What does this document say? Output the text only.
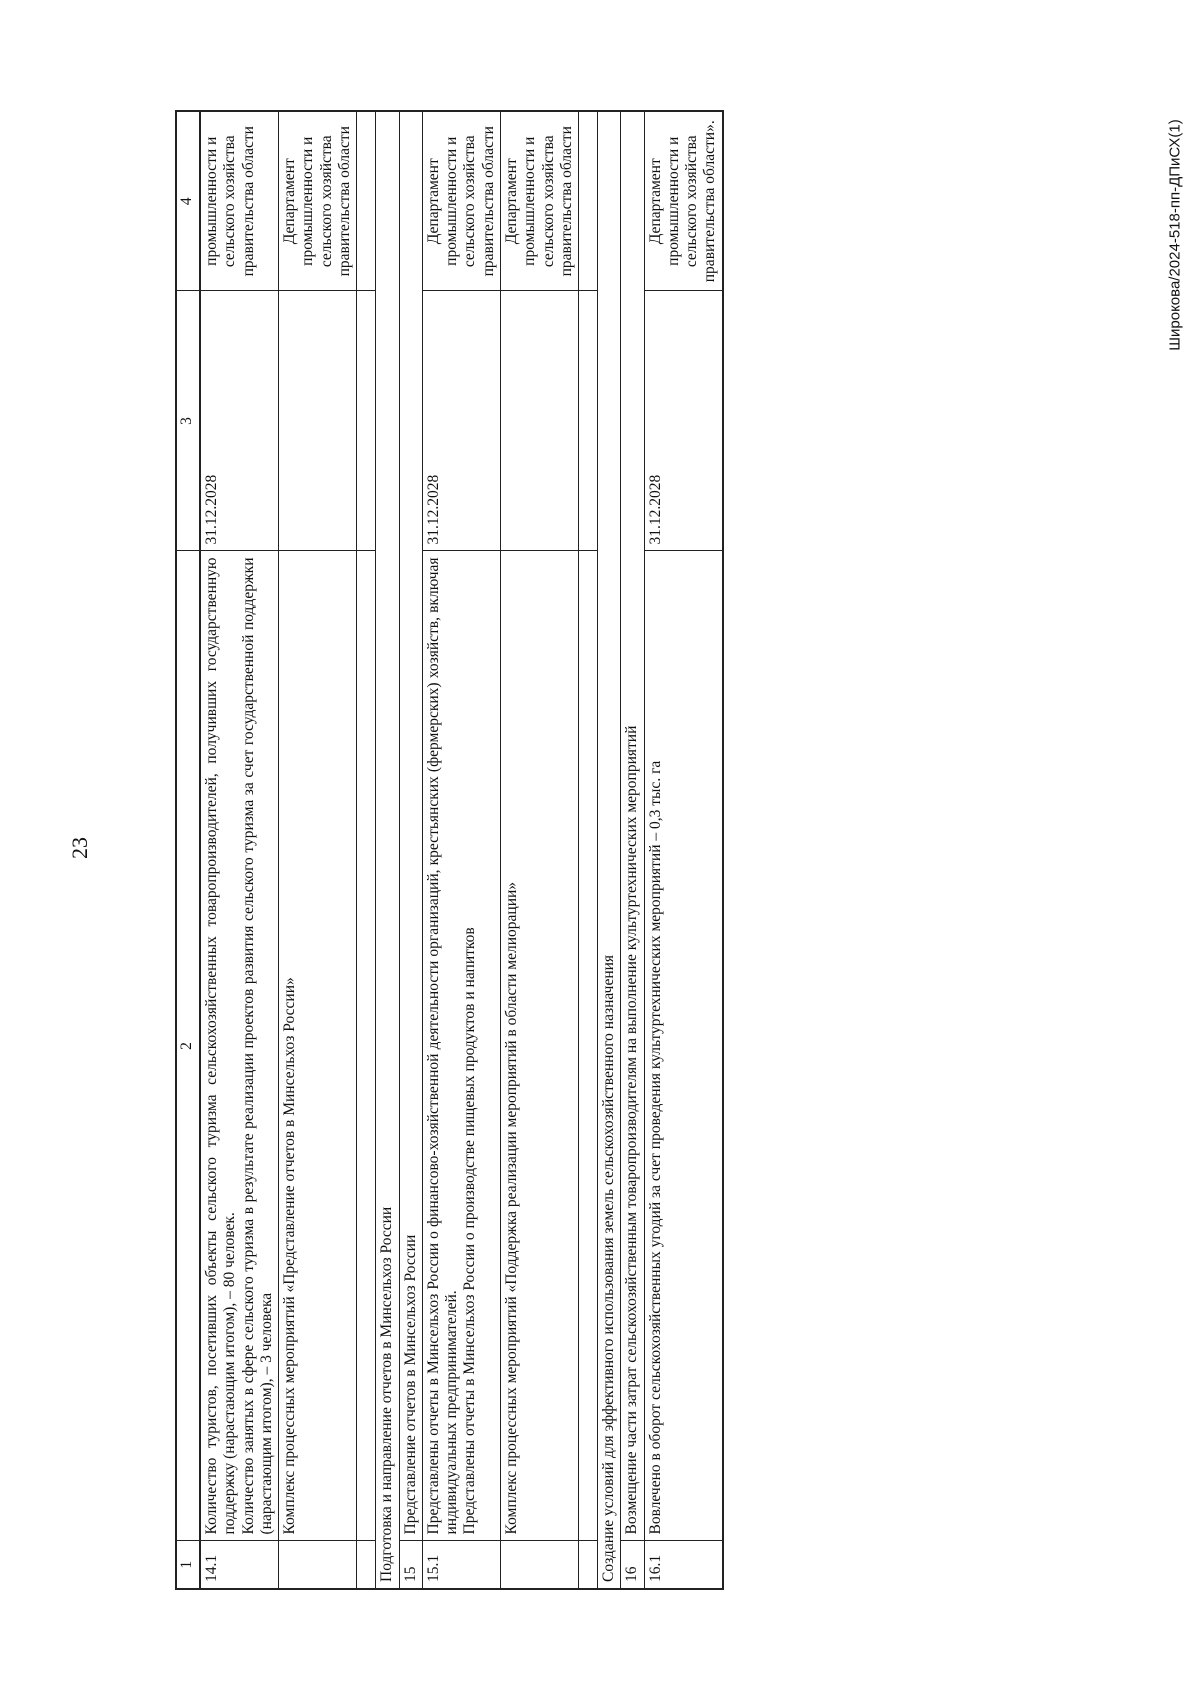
23
Широкова/2024-518-пп-ДПиСХ(1)
1	2	3	4
14.1	Количество туристов, посетивших объекты сельского туризма сельскохозяйственных товаропроизводителей, получивших государственную поддержку (нарастающим итогом), – 80 человек. Количество занятых в сфере сельского туризма в результате реализации проектов развития сельского туризма за счет государственной поддержки (нарастающим итогом), – 3 человека	31.12.2028	промышленности и сельского хозяйства правительства области
	Комплекс процессных мероприятий «Представление отчетов в Минсельхоз России»		Департамент промышленности и сельского хозяйства правительства области

Подготовка и направление отчетов в Минсельхоз России			
15	Представление отчетов в Минсельхоз России		
15.1	Представлены отчеты в Минсельхоз России о финансово-хозяйственной деятельности организаций, крестьянских (фермерских) хозяйств, включая индивидуальных предпринимателей. Представлены отчеты в Минсельхоз России о производстве пищевых продуктов и напитков	31.12.2028	Департамент промышленности и сельского хозяйства правительства области

	Комплекс процессных мероприятий «Поддержка реализации мероприятий в области мелиорации»		Департамент промышленности и сельского хозяйства правительства области

Создание условий для эффективного использования земель сельскохозяйственного назначения			
16	Возмещение части затрат сельскохозяйственным товаропроизводителям на выполнение культуртехнических мероприятий		
16.1	Вовлечено в оборот сельскохозяйственных угодий за счет проведения культуртехнических мероприятий – 0,3 тыс. га	31.12.2028	Департамент промышленности и сельского хозяйства правительства области».
